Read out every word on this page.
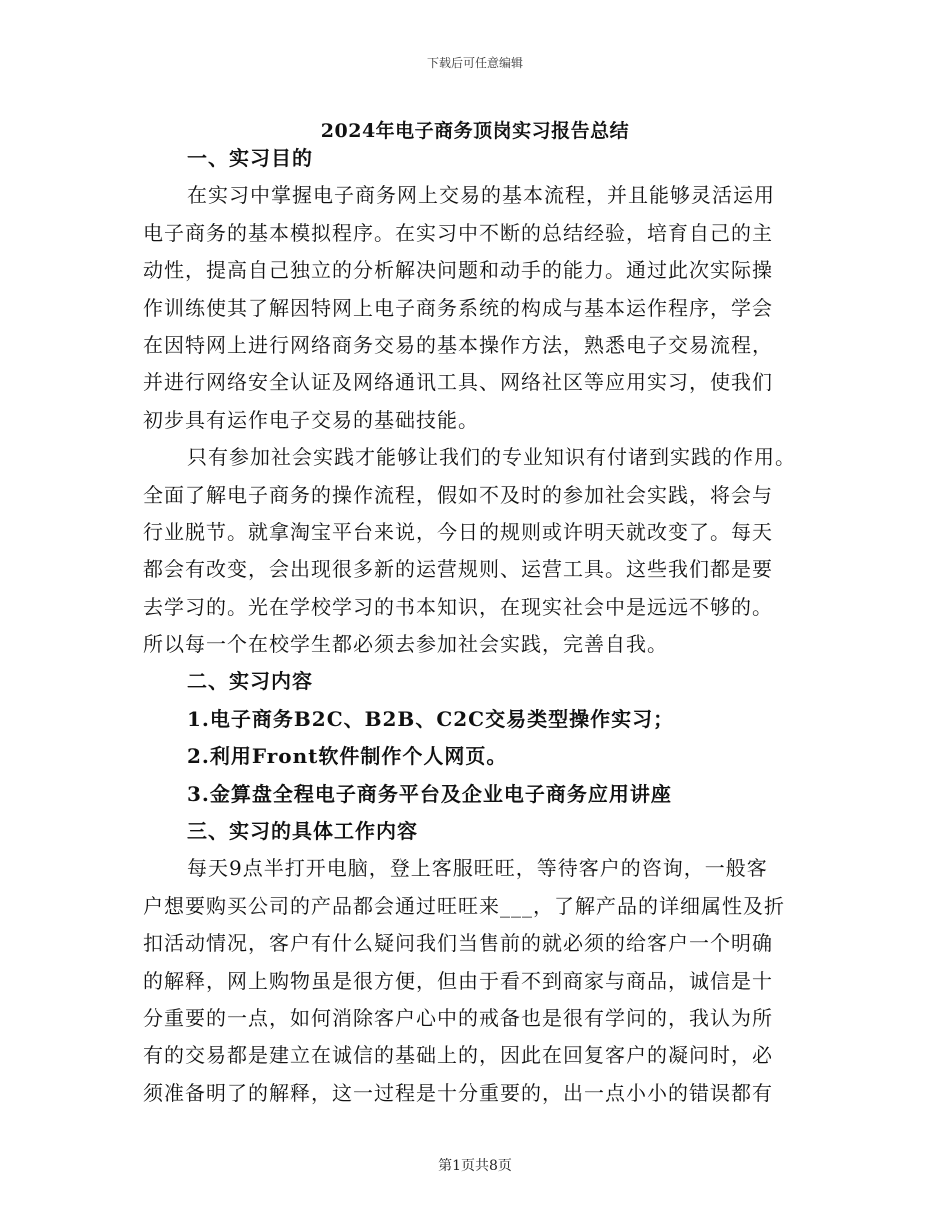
下载后可任意编辑
2024年电子商务顶岗实习报告总结
一、实习目的
在实习中掌握电子商务网上交易的基本流程，并且能够灵活运用
电子商务的基本模拟程序。在实习中不断的总结经验，培育自己的主
动性，提高自己独立的分析解决问题和动手的能力。通过此次实际操
作训练使其了解因特网上电子商务系统的构成与基本运作程序，学会
在因特网上进行网络商务交易的基本操作方法，熟悉电子交易流程，
并进行网络安全认证及网络通讯工具、网络社区等应用实习，使我们
初步具有运作电子交易的基础技能。
只有参加社会实践才能够让我们的专业知识有付诸到实践的作用。
全面了解电子商务的操作流程，假如不及时的参加社会实践，将会与
行业脱节。就拿淘宝平台来说，今日的规则或许明天就改变了。每天
都会有改变，会出现很多新的运营规则、运营工具。这些我们都是要
去学习的。光在学校学习的书本知识，在现实社会中是远远不够的。
所以每一个在校学生都必须去参加社会实践，完善自我。
二、实习内容
1.电子商务B2C、B2B、C2C交易类型操作实习；
2.利用Front软件制作个人网页。
3.金算盘全程电子商务平台及企业电子商务应用讲座
三、实习的具体工作内容
每天9点半打开电脑，登上客服旺旺，等待客户的咨询，一般客
户想要购买公司的产品都会通过旺旺来___，了解产品的详细属性及折
扣活动情况，客户有什么疑问我们当售前的就必须的给客户一个明确
的解释，网上购物虽是很方便，但由于看不到商家与商品，诚信是十
分重要的一点，如何消除客户心中的戒备也是很有学问的，我认为所
有的交易都是建立在诚信的基础上的，因此在回复客户的凝问时，必
须准备明了的解释，这一过程是十分重要的，出一点小小的错误都有
第1页共8页
